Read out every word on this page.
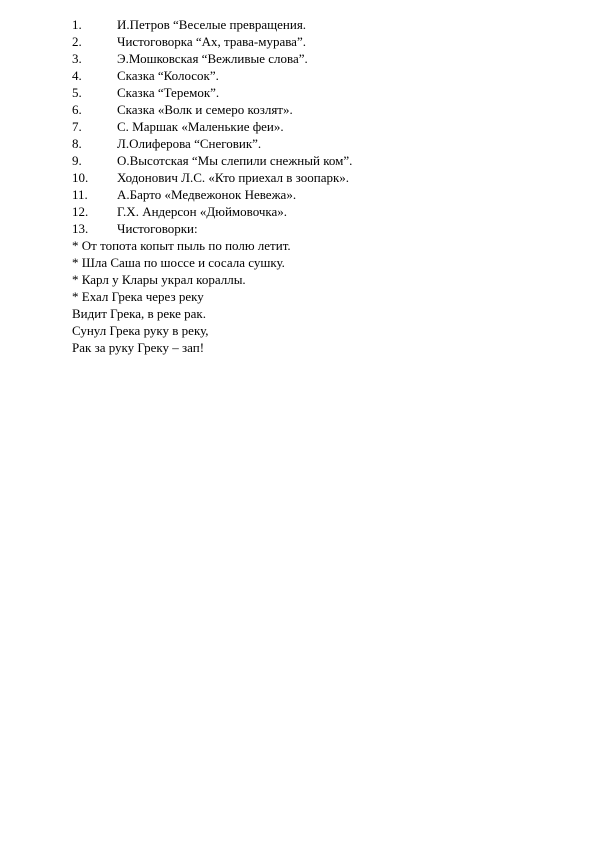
1.	И.Петров “Веселые превращения.
2.	Чистоговорка “Ах, трава-мурава”.
3.	Э.Мошковская “Вежливые слова”.
4.	Сказка “Колосок”.
5.	Сказка “Теремок”.
6.	Сказка «Волк и семеро козлят».
7.	С. Маршак «Маленькие феи».
8.	Л.Олиферова “Снеговик”.
9.	О.Высотская “Мы слепили снежный ком”.
10.	Ходонович Л.С. «Кто приехал в зоопарк».
11.	А.Барто «Медвежонок Невежа».
12.	Г.Х. Андерсон «Дюймовочка».
13.	Чистоговорки:
* От топота копыт пыль по полю летит.
* Шла Саша по шоссе и сосала сушку.
* Карл у Клары украл кораллы.
* Ехал Грека через реку
Видит Грека, в реке рак.
Сунул Грека руку в реку,
Рак за руку Греку – зап!
